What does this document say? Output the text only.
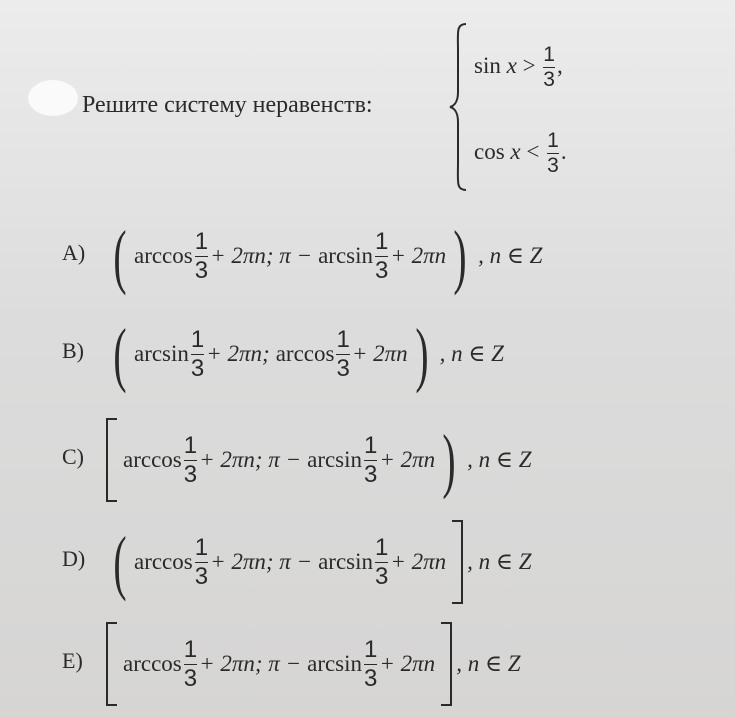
Решите систему неравенств:
$\sin x > \frac{1}{3}$ ,
$\cos x < \frac{1}{3}$ .
A) ( $\arccos \frac{1}{3} + 2\pi n$; $\pi - \arcsin \frac{1}{3} + 2\pi n$ ) , n ∈ Z
B) ( $\arcsin \frac{1}{3} + 2\pi n$; $\arccos \frac{1}{3} + 2\pi n$ ) , n ∈ Z
C) $\arccos \frac{1}{3} + 2\pi n$; $\pi - \arcsin \frac{1}{3} + 2\pi n$ ) , n ∈ Z
D) ( $\arccos \frac{1}{3} + 2\pi n$; $\pi - \arcsin \frac{1}{3} + 2\pi n$ , n ∈ Z
E) $\arccos \frac{1}{3} + 2\pi n$; $\pi - \arcsin \frac{1}{3} + 2\pi n$ , n ∈ Z
